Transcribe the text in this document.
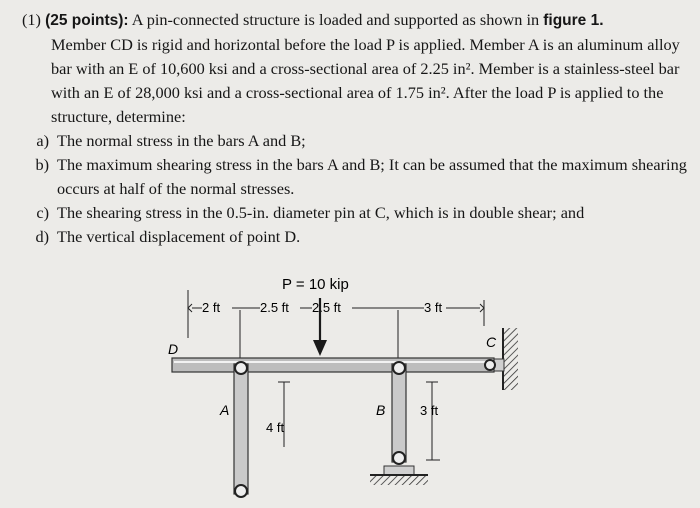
(1) (25 points): A pin-connected structure is loaded and supported as shown in figure 1.

Member CD is rigid and horizontal before the load P is applied. Member A is an aluminum alloy bar with an E of 10,600 ksi and a cross-sectional area of 2.25 in². Member is a stainless-steel bar with an E of 28,000 ksi and a cross-sectional area of 1.75 in². After the load P is applied to the structure, determine:

a) The normal stress in the bars A and B;
b) The maximum shearing stress in the bars A and B; It can be assumed that the maximum shearing occurs at half of the normal stresses.
c) The shearing stress in the 0.5-in. diameter pin at C, which is in double shear; and
d) The vertical displacement of point D.
P = 10 kip
2 ft	2.5 ft 2.5 ft	3 ft
D	C
A	B
4 ft
3 ft
